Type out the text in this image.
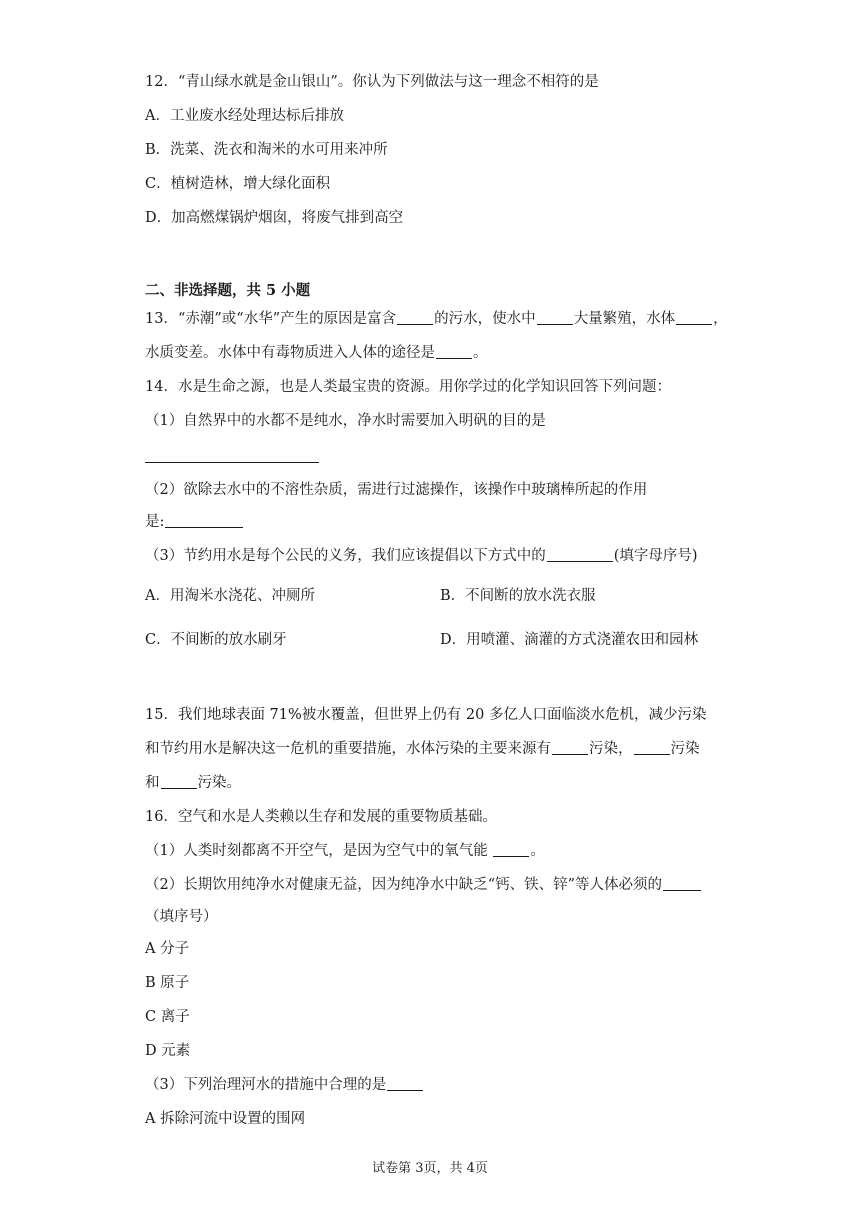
12．“青山绿水就是金山银山”。你认为下列做法与这一理念不相符的是
A．工业废水经处理达标后排放
B．洗菜、洗衣和淘米的水可用来冲所
C．植树造林，增大绿化面积
D．加高燃煤锅炉烟囱，将废气排到高空
二、非选择题，共 5 小题
13．“赤潮”或“水华”产生的原因是富含	的污水，使水中	大量繁殖，水体	，
水质变差。水体中有毒物质进入人体的途径是	。
14．水是生命之源，也是人类最宝贵的资源。用你学过的化学知识回答下列问题：
（1）自然界中的水都不是纯水，净水时需要加入明矾的目的是
（2）欲除去水中的不溶性杂质，需进行过滤操作，该操作中玻璃棒所起的作用
是:
（3）节约用水是每个公民的义务，我们应该提倡以下方式中的	(填字母序号)
A．用淘米水浇花、冲厕所	B．不间断的放水洗衣服
C．不间断的放水刷牙	D．用喷灌、滴灌的方式浇灌农田和园林
15．我们地球表面 71%被水覆盖，但世界上仍有 20 多亿人口面临淡水危机，减少污染
和节约用水是解决这一危机的重要措施，水体污染的主要来源有	污染，	污染
和	污染。
16．空气和水是人类赖以生存和发展的重要物质基础。
（1）人类时刻都离不开空气，是因为空气中的氧气能	。
（2）长期饮用纯净水对健康无益，因为纯净水中缺乏“钙、铁、锌”等人体必须的
（填序号）
A 分子
B 原子
C 离子
D 元素
（3）下列治理河水的措施中合理的是
A 拆除河流中设置的围网
试卷第 3页，共 4页
